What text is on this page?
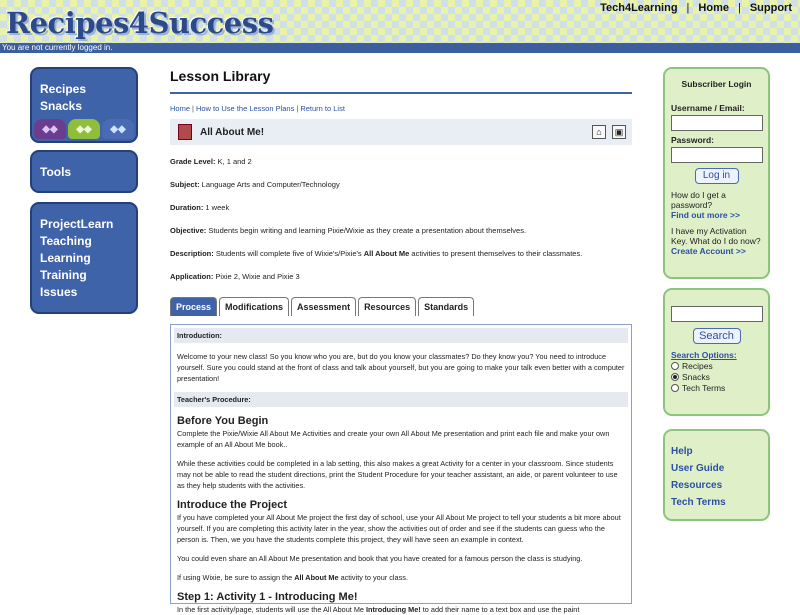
Recipes4Success	Tech4Learning | Home | Support
You are not currently logged in.
Recipes
Snacks
◆◆	◆◆	◆◆
Tools
ProjectLearn
Teaching
Learning
Training
Issues
Lesson Library
Home | How to Use the Lesson Plans | Return to List
All About Me!	⌂	▣
Grade Level: K, 1 and 2
Subject: Language Arts and Computer/Technology
Duration: 1 week
Objective: Students begin writing and learning Pixie/Wixie as they create a presentation about themselves.
Description: Students will complete five of Wixie's/Pixie's All About Me activities to present themselves to their classmates.
Application: Pixie 2, Wixie and Pixie 3
Process	Modifications	Assessment	Resources	Standards
Introduction:

Welcome to your new class! So you know who you are, but do you know your classmates? Do they know you? You need to introduce yourself. Sure you could stand at the front of class and talk about yourself, but you are going to make your talk even better with a computer presentation!

Teacher's Procedure:
Before You Begin

Complete the Pixie/Wixie All About Me Activities and create your own All About Me presentation and print each file and make your own example of an All About Me book..

While these activities could be completed in a lab setting, this also makes a great Activity for a center in your classroom. Since students may not be able to read the student directions, print the Student Procedure for your teacher assistant, an aide, or parent volunteer to use as they help students with the activities.

Introduce the Project

If you have completed your All About Me project the first day of school, use your All About Me project to tell your students a bit more about yourself. If you are completing this activity later in the year, show the activities out of order and see if the students can guess who the person is. Then, we you have the students complete this project, they will have seen an example in context.

You could even share an All About Me presentation and book that you have created for a famous person the class is studying.

If using Wixie, be sure to assign the All About Me activity to your class.

Step 1: Activity 1 - Introducing Me!

In the first activity/page, students will use the All About Me Introducing Me! to add their name to a text box and use the paint

Subscriber Login
Username / Email:
Password:
Log in
How do I get a password?
Find out more >>
I have my Activation Key. What do I do now?
Create Account >>
Search
Search Options:
Recipes
Snacks
Tech Terms
Help
User Guide
Resources
Tech Terms
